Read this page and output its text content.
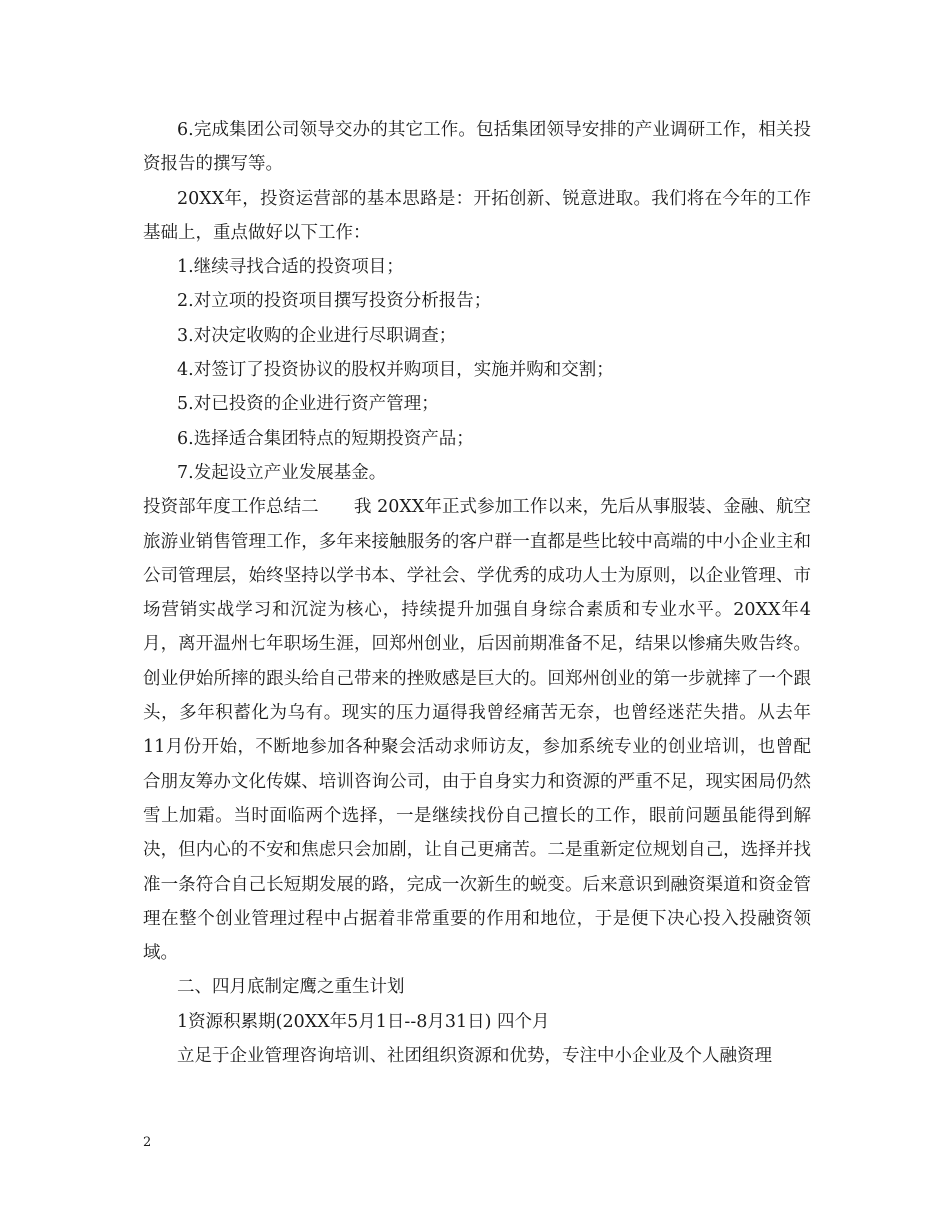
6.完成集团公司领导交办的其它工作。包括集团领导安排的产业调研工作，相关投资报告的撰写等。

20XX年，投资运营部的基本思路是：开拓创新、锐意进取。我们将在今年的工作基础上，重点做好以下工作：

1.继续寻找合适的投资项目；

2.对立项的投资项目撰写投资分析报告；

3.对决定收购的企业进行尽职调查；

4.对签订了投资协议的股权并购项目，实施并购和交割；

5.对已投资的企业进行资产管理；

6.选择适合集团特点的短期投资产品；

7.发起设立产业发展基金。

投资部年度工作总结二　　我 20XX年正式参加工作以来，先后从事服装、金融、航空旅游业销售管理工作，多年来接触服务的客户群一直都是些比较中高端的中小企业主和公司管理层，始终坚持以学书本、学社会、学优秀的成功人士为原则，以企业管理、市场营销实战学习和沉淀为核心，持续提升加强自身综合素质和专业水平。20XX年4月，离开温州七年职场生涯，回郑州创业，后因前期准备不足，结果以惨痛失败告终。创业伊始所摔的跟头给自己带来的挫败感是巨大的。回郑州创业的第一步就摔了一个跟头，多年积蓄化为乌有。现实的压力逼得我曾经痛苦无奈，也曾经迷茫失措。从去年11月份开始，不断地参加各种聚会活动求师访友，参加系统专业的创业培训，也曾配合朋友筹办文化传媒、培训咨询公司，由于自身实力和资源的严重不足，现实困局仍然雪上加霜。当时面临两个选择，一是继续找份自己擅长的工作，眼前问题虽能得到解决，但内心的不安和焦虑只会加剧，让自己更痛苦。二是重新定位规划自己，选择并找准一条符合自己长短期发展的路，完成一次新生的蜕变。后来意识到融资渠道和资金管理在整个创业管理过程中占据着非常重要的作用和地位，于是便下决心投入投融资领域。

二、四月底制定鹰之重生计划

1资源积累期(20XX年5月1日--8月31日) 四个月

立足于企业管理咨询培训、社团组织资源和优势，专注中小企业及个人融资理

2
